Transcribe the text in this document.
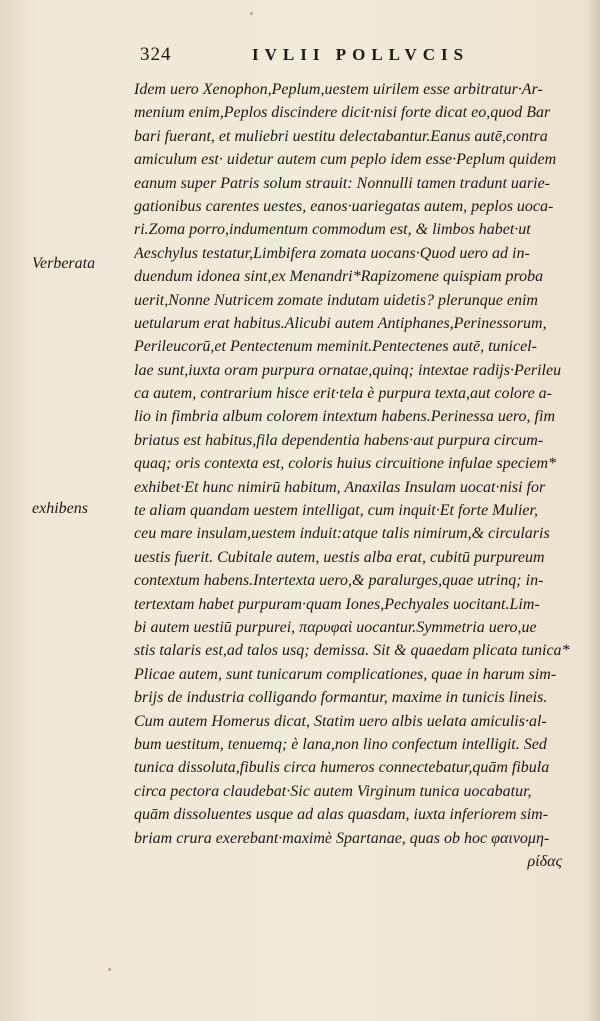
324	IVLII POLLVCIS
Verberata
exhibens
Idem uero Xenophon,Peplum,uestem uirilem esse arbitratur·Ar-
menium enim,Peplos discindere dicit·nisi forte dicat eo,quod Bar
bari fuerant, et muliebri uestitu delectabantur.Eanus autē,contra
amiculum est· uidetur autem cum peplo idem esse·Peplum quidem
eanum super Patris solum strauit: Nonnulli tamen tradunt uarie-
gationibus carentes uestes, eanos·uariegatas autem, peplos uoca-
ri.Zoma porro,indumentum commodum est, & limbos habet·ut
Aeschylus testatur,Limbifera zomata uocans·Quod uero ad in-
duendum idonea sint,ex Menandri*Rapizomene quispiam proba
uerit,Nonne Nutricem zomate indutam uidetis? plerunque enim
uetularum erat habitus.Alicubi autem Antiphanes,Perinessorum,
Perileucorū,et Pentectenum meminit.Pentectenes autē, tunicel-
lae sunt,iuxta oram purpura ornatae,quinq; intextae radijs·Perileu
ca autem, contrarium hisce erit·tela è purpura texta,aut colore a-
lio in fimbria album colorem intextum habens.Perinessa uero, fim
briatus est habitus,fila dependentia habens·aut purpura circum-
quaq; oris contexta est, coloris huius circuitione infulae speciem*
exhibet·Et hunc nimirū habitum, Anaxilas Insulam uocat·nisi for
te aliam quandam uestem intelligat, cum inquit·Et forte Mulier,
ceu mare insulam,uestem induit:atque talis nimirum,& circularis
uestis fuerit. Cubitale autem, uestis alba erat, cubitū purpureum
contextum habens.Intertexta uero,& paralurges,quae utrinq; in-
tertextam habet purpuram·quam Iones,Pechyales uocitant.Lim-
bi autem uestiū purpurei, παρυφαὶ uocantur.Symmetria uero,ue
stis talaris est,ad talos usq; demissa. Sit & quaedam plicata tunica*
Plicae autem, sunt tunicarum complicationes, quae in harum sim-
brijs de industria colligando formantur, maxime in tunicis lineis.
Cum autem Homerus dicat, Statim uero albis uelata amiculis·al-
bum uestitum, tenuemq; è lana,non lino confectum intelligit. Sed
tunica dissoluta,fibulis circa humeros connectebatur,quām fibula
circa pectora claudebat·Sic autem Virginum tunica uocabatur,
quām dissoluentes usque ad alas quasdam, iuxta inferiorem sim-
briam crura exerebant·maximè Spartanae, quas ob hoc φαινομη-
ρίδας
